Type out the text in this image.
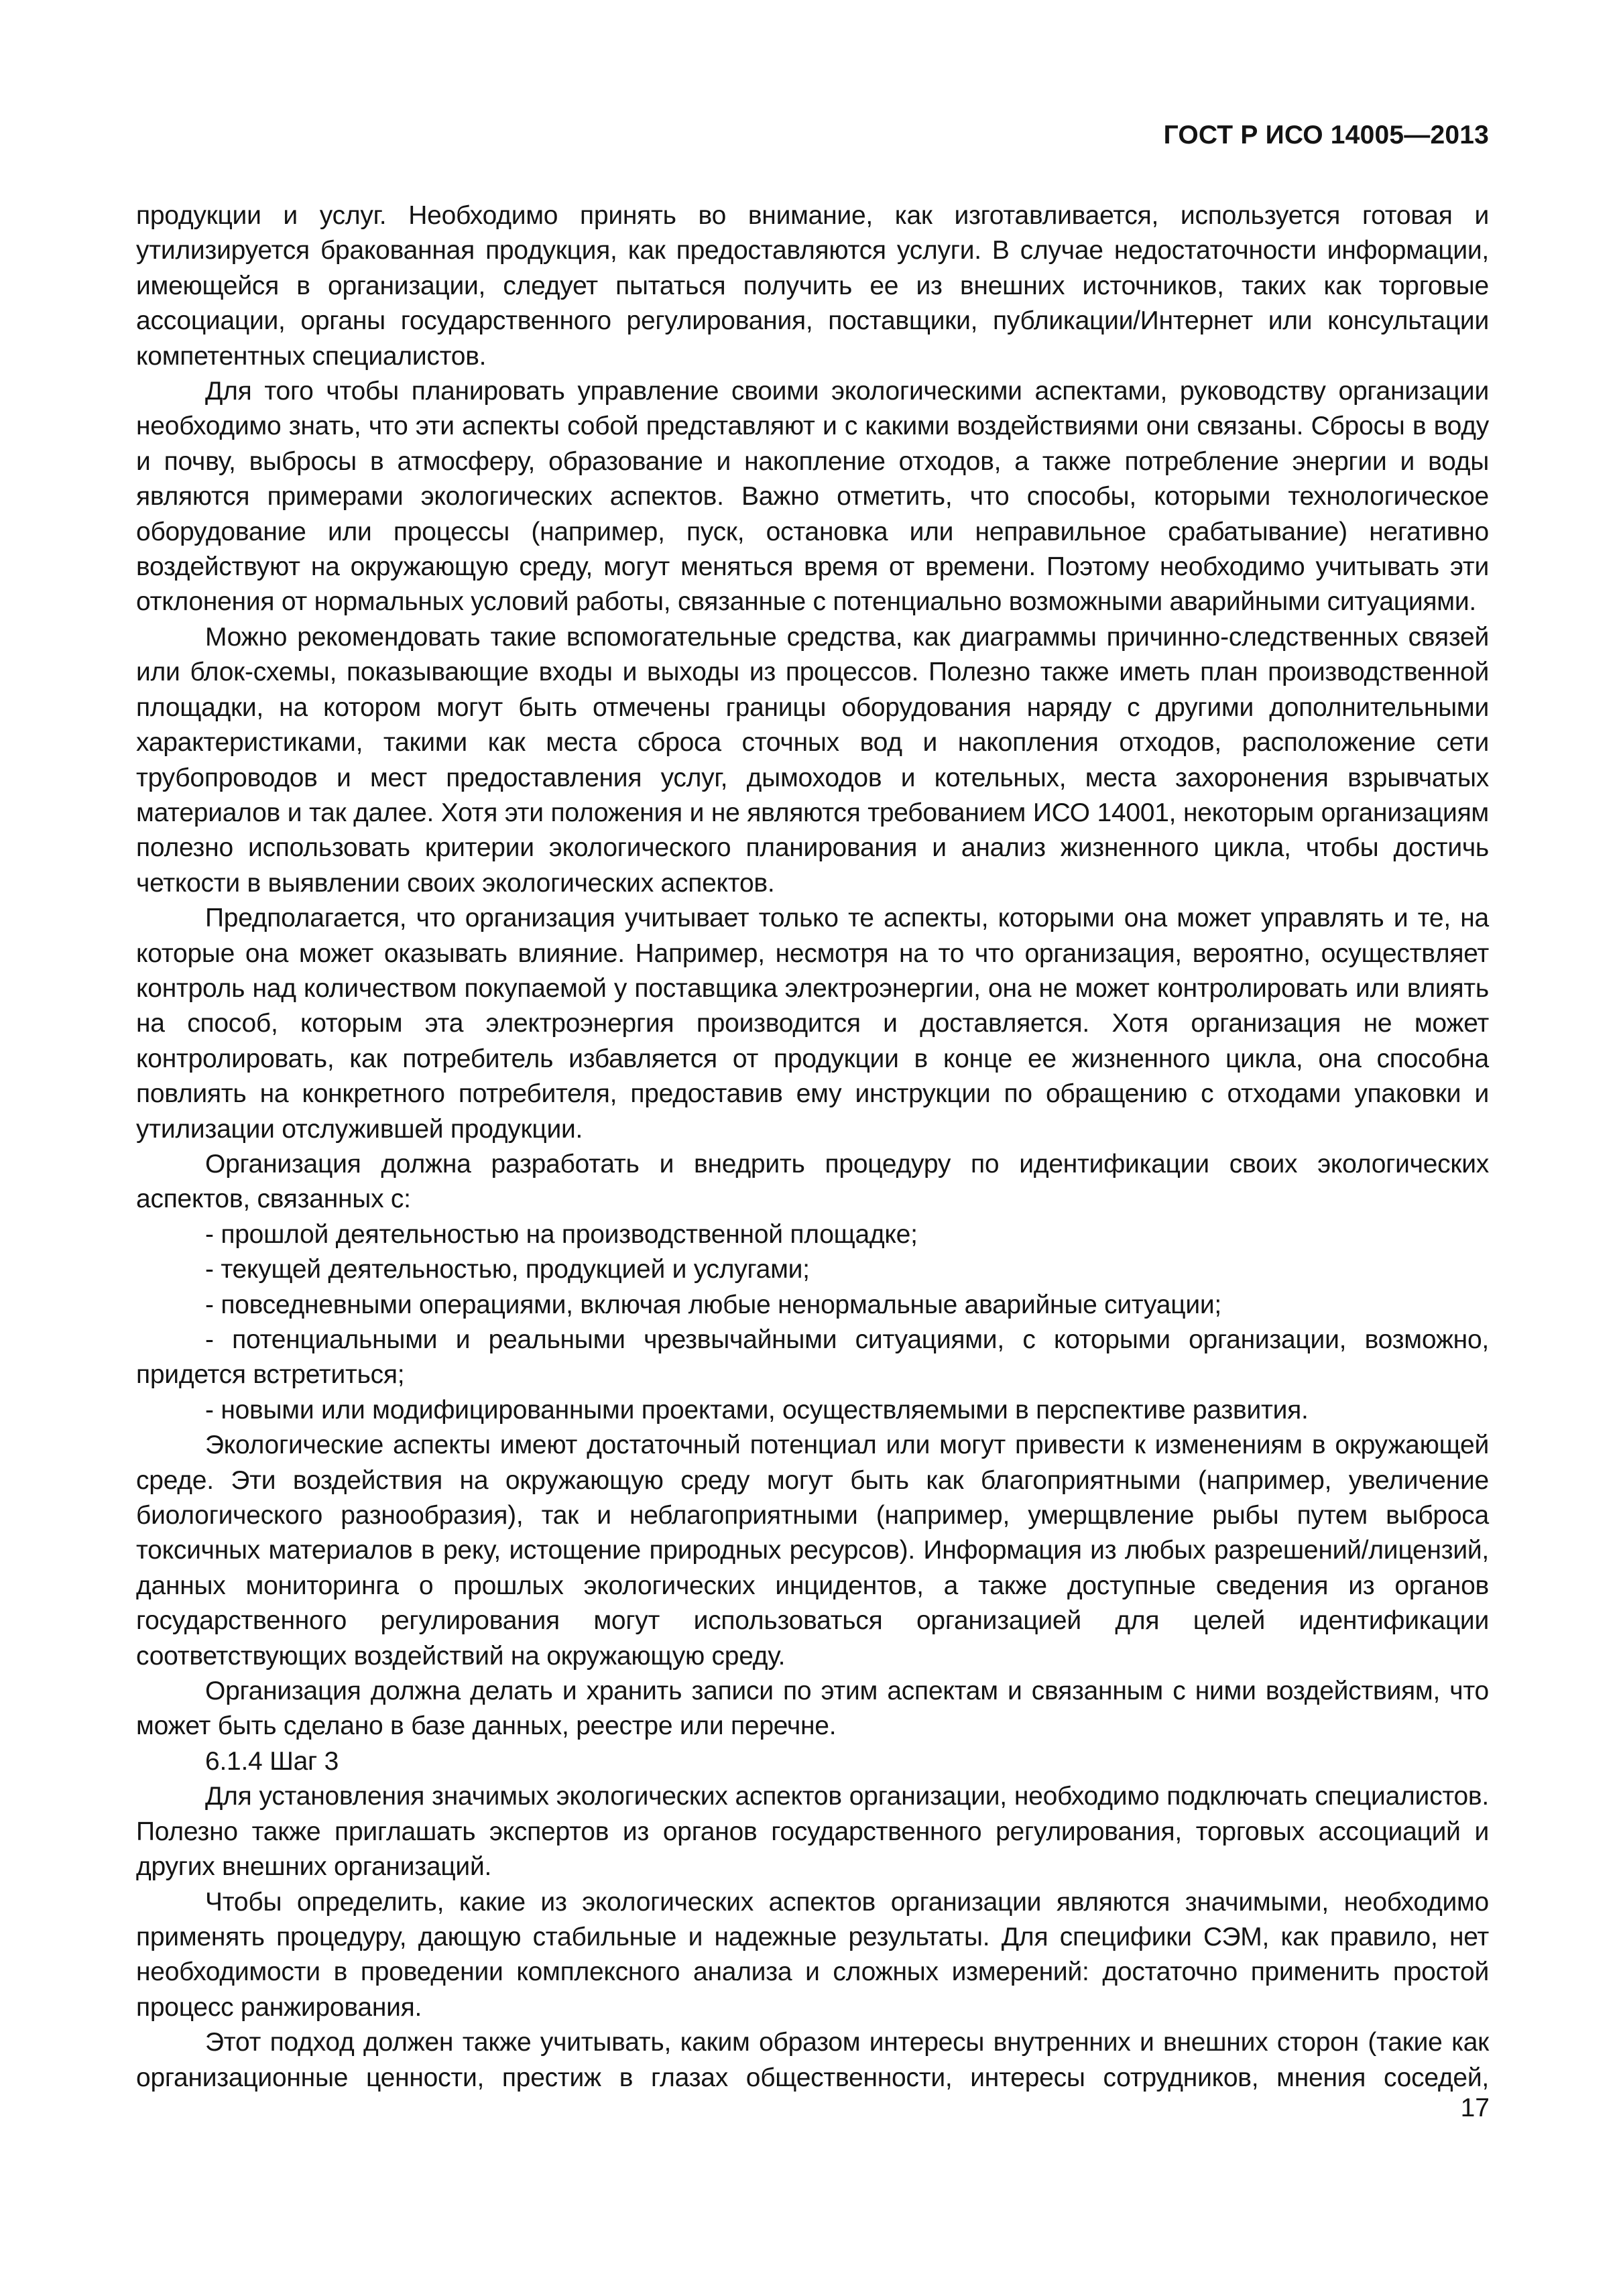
ГОСТ Р ИСО 14005—2013

продукции и услуг. Необходимо принять во внимание, как изготавливается, используется готовая и утилизируется бракованная продукция, как предоставляются услуги. В случае недостаточности информации, имеющейся в организации, следует пытаться получить ее из внешних источников, таких как торговые ассоциации, органы государственного регулирования, поставщики, публикации/Интернет или консультации компетентных специалистов.

Для того чтобы планировать управление своими экологическими аспектами, руководству организации необходимо знать, что эти аспекты собой представляют и с какими воздействиями они связаны. Сбросы в воду и почву, выбросы в атмосферу, образование и накопление отходов, а также потребление энергии и воды являются примерами экологических аспектов. Важно отметить, что способы, которыми технологическое оборудование или процессы (например, пуск, остановка или неправильное срабатывание) негативно воздействуют на окружающую среду, могут меняться время от времени. Поэтому необходимо учитывать эти отклонения от нормальных условий работы, связанные с потенциально возможными аварийными ситуациями.

Можно рекомендовать такие вспомогательные средства, как диаграммы причинно-следственных связей или блок-схемы, показывающие входы и выходы из процессов. Полезно также иметь план производственной площадки, на котором могут быть отмечены границы оборудования наряду с другими дополнительными характеристиками, такими как места сброса сточных вод и накопления отходов, расположение сети трубопроводов и мест предоставления услуг, дымоходов и котельных, места захоронения взрывчатых материалов и так далее. Хотя эти положения и не являются требованием ИСО 14001, некоторым организациям полезно использовать критерии экологического планирования и анализ жизненного цикла, чтобы достичь четкости в выявлении своих экологических аспектов.

Предполагается, что организация учитывает только те аспекты, которыми она может управлять и те, на которые она может оказывать влияние. Например, несмотря на то что организация, вероятно, осуществляет контроль над количеством покупаемой у поставщика электроэнергии, она не может контролировать или влиять на способ, которым эта электроэнергия производится и доставляется. Хотя организация не может контролировать, как потребитель избавляется от продукции в конце ее жизненного цикла, она способна повлиять на конкретного потребителя, предоставив ему инструкции по обращению с отходами упаковки и утилизации отслужившей продукции.

Организация должна разработать и внедрить процедуру по идентификации своих экологических аспектов, связанных с:

- прошлой деятельностью на производственной площадке;

- текущей деятельностью, продукцией и услугами;

- повседневными операциями, включая любые ненормальные аварийные ситуации;

- потенциальными и реальными чрезвычайными ситуациями, с которыми организации, возможно, придется встретиться;

- новыми или модифицированными проектами, осуществляемыми в перспективе развития.

Экологические аспекты имеют достаточный потенциал или могут привести к изменениям в окружающей среде. Эти воздействия на окружающую среду могут быть как благоприятными (например, увеличение биологического разнообразия), так и неблагоприятными (например, умерщвление рыбы путем выброса токсичных материалов в реку, истощение природных ресурсов). Информация из любых разрешений/лицензий, данных мониторинга о прошлых экологических инцидентов, а также доступные сведения из органов государственного регулирования могут использоваться организацией для целей идентификации соответствующих воздействий на окружающую среду.

Организация должна делать и хранить записи по этим аспектам и связанным с ними воздействиям, что может быть сделано в базе данных, реестре или перечне.

6.1.4 Шаг 3

Для установления значимых экологических аспектов организации, необходимо подключать специалистов. Полезно также приглашать экспертов из органов государственного регулирования, торговых ассоциаций и других внешних организаций.

Чтобы определить, какие из экологических аспектов организации являются значимыми, необходимо применять процедуру, дающую стабильные и надежные результаты. Для специфики СЭМ, как правило, нет необходимости в проведении комплексного анализа и сложных измерений: достаточно применить простой процесс ранжирования.

Этот подход должен также учитывать, каким образом интересы внутренних и внешних сторон (такие как организационные ценности, престиж в глазах общественности, интересы сотрудников, мнения соседей,

17
